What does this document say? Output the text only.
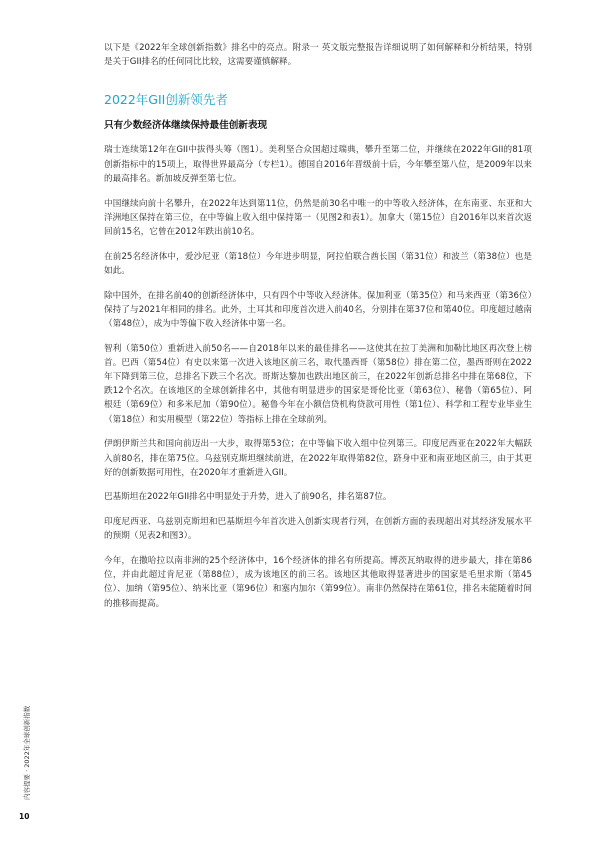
以下是《2022年全球创新指数》排名中的亮点。附录一 英文版完整报告详细说明了如何解释和分析结果，特别是关于GII排名的任何同比比较，这需要谨慎解释。

2022年GII创新领先者
只有少数经济体继续保持最佳创新表现

瑞士连续第12年在GII中拔得头筹（图1）。美利坚合众国超过瑞典，攀升至第二位，并继续在2022年GII的81项创新指标中的15项上，取得世界最高分（专栏1）。德国自2016年晋级前十后，今年攀至第八位，是2009年以来的最高排名。新加坡反弹至第七位。

中国继续向前十名攀升，在2022年达到第11位，仍然是前30名中唯一的中等收入经济体，在东南亚、东亚和大洋洲地区保持在第三位，在中等偏上收入组中保持第一（见图2和表1）。加拿大（第15位）自2016年以来首次返回前15名，它曾在2012年跌出前10名。

在前25名经济体中，爱沙尼亚（第18位）今年进步明显，阿拉伯联合酋长国（第31位）和波兰（第38位）也是如此。

除中国外，在排名前40的创新经济体中，只有四个中等收入经济体。保加利亚（第35位）和马来西亚（第36位）保持了与2021年相同的排名。此外，土耳其和印度首次进入前40名，分别排在第37位和第40位。印度超过越南（第48位），成为中等偏下收入经济体中第一名。

智利（第50位）重新进入前50名——自2018年以来的最佳排名——这使其在拉丁美洲和加勒比地区再次登上榜首。巴西（第54位）有史以来第一次进入该地区前三名，取代墨西哥（第58位）排在第二位，墨西哥则在2022年下降到第三位，总排名下跌三个名次。哥斯达黎加也跌出地区前三，在2022年创新总排名中排在第68位，下跌12个名次。在该地区的全球创新排名中，其他有明显进步的国家是哥伦比亚（第63位）、秘鲁（第65位）、阿根廷（第69位）和多米尼加（第90位）。秘鲁今年在小额信贷机构贷款可用性（第1位）、科学和工程专业毕业生（第18位）和实用模型（第22位）等指标上排在全球前列。

伊朗伊斯兰共和国向前迈出一大步，取得第53位；在中等偏下收入组中位列第三。印度尼西亚在2022年大幅跃入前80名，排在第75位。乌兹别克斯坦继续前进，在2022年取得第82位，跻身中亚和南亚地区前三，由于其更好的创新数据可用性，在2020年才重新进入GII。

巴基斯坦在2022年GII排名中明显处于升势，进入了前90名，排名第87位。

印度尼西亚、乌兹别克斯坦和巴基斯坦今年首次进入创新实现者行列，在创新方面的表现超出对其经济发展水平的预期（见表2和图3）。

今年，在撒哈拉以南非洲的25个经济体中，16个经济体的排名有所提高。博茨瓦纳取得的进步最大，排在第86位，并由此超过肯尼亚（第88位），成为该地区的前三名。该地区其他取得显著进步的国家是毛里求斯（第45位）、加纳（第95位）、纳米比亚（第96位）和塞内加尔（第99位）。南非仍然保持在第61位，排名未能随着时间的推移而提高。

内容提要 · 2022年全球创新指数
10
